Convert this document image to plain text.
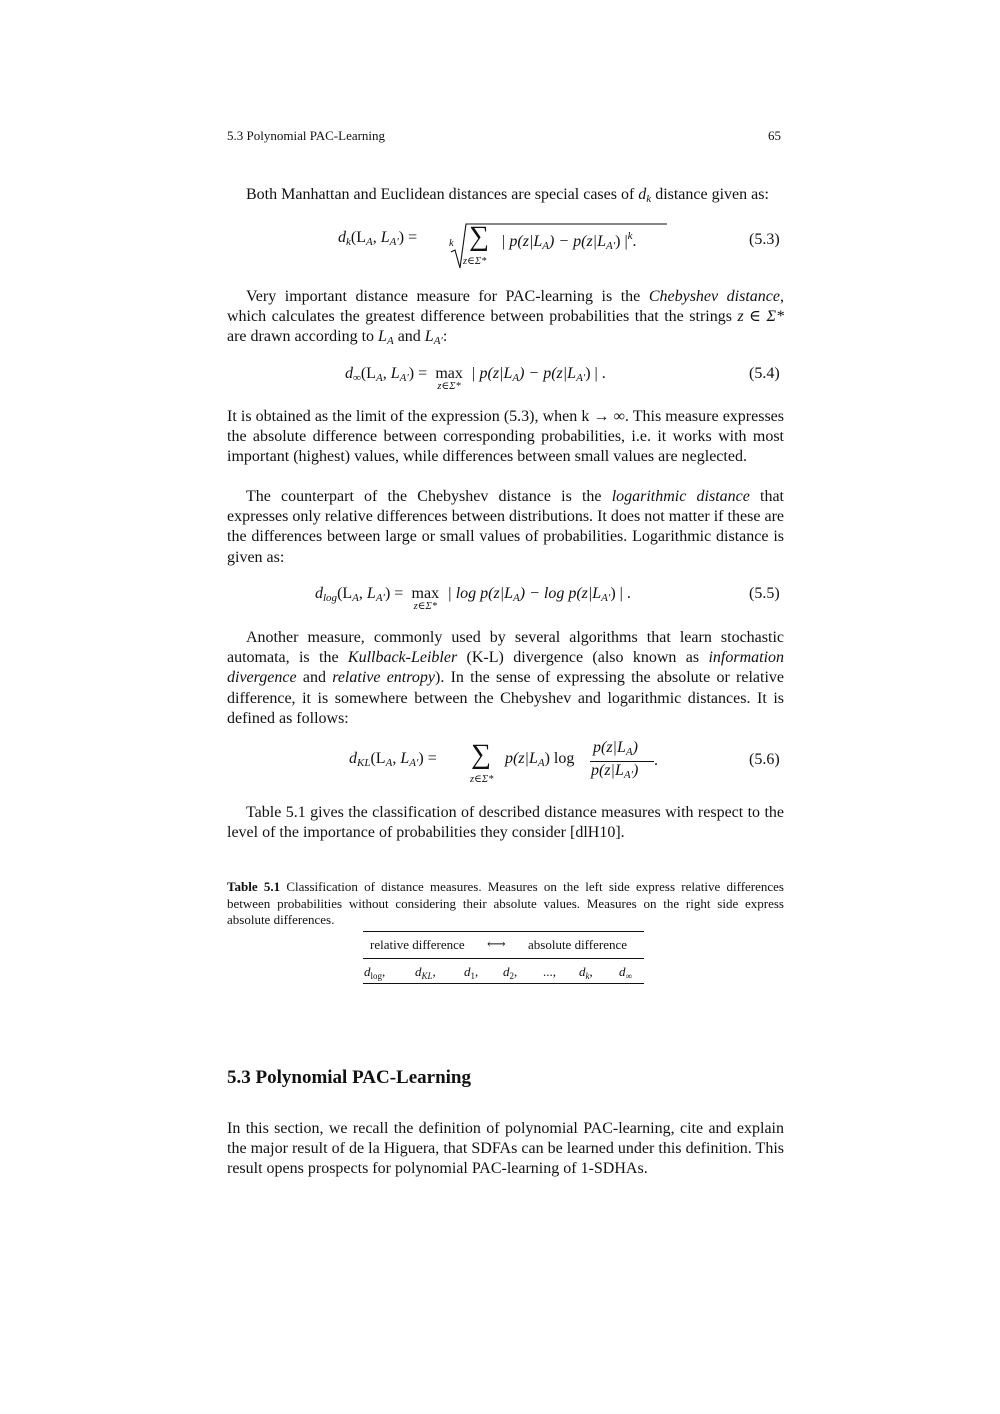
5.3 Polynomial PAC-Learning	65

Both Manhattan and Euclidean distances are special cases of $d_k$ distance given as:

$d_k(L_A$, $L_{A'}$) =	k ∑
z∈Σ*
| $p(z|L_A) - p(z|L_{A'})$ $|^k$.	(5.3)

Very important distance measure for PAC-learning is the Chebyshev distance, which calculates the greatest difference between probabilities that the strings z ∈ Σ* are drawn according to $L_A$ and $L_{A'}$:

$d_\infty(L_A$, $L_{A'}) = \max$
z∈Σ*
| $p(z|L_A) - p(z|L_{A'})$ | .	(5.4)

It is obtained as the limit of the expression (5.3), when k → ∞. This measure expresses the absolute difference between corresponding probabilities, i.e. it works with most important (highest) values, while differences between small values are neglected.

The counterpart of the Chebyshev distance is the logarithmic distance that expresses only relative differences between distributions. It does not matter if these are the differences between large or small values of probabilities. Logarithmic distance is given as:

$d_{log}(L_A$, $L_{A'}) = \max$
z∈Σ*
| $\log p(z|L_A) - \log p(z|L_{A'})$ | .	(5.5)

Another measure, commonly used by several algorithms that learn stochastic automata, is the Kullback-Leibler (K-L) divergence (also known as information divergence and relative entropy). In the sense of expressing the absolute or relative difference, it is somewhere between the Chebyshev and logarithmic distances. It is defined as follows:

$d_{KL}(L_A$, $L_{A'}$) = ∑
z∈Σ*
$p(z|L_A)$ log
$p(z|L_A)$
$p(z|L_{A'})$
.	(5.6)

Table 5.1 gives the classification of described distance measures with respect to the level of the importance of probabilities they consider [dlH10].

Table 5.1 Classification of distance measures. Measures on the left side express relative differences between probabilities without considering their absolute values. Measures on the right side express absolute differences.

relative difference ⟷ absolute difference
$d_{log}$, $d_{KL}$, $d_1$, $d_2$, ..., $d_k$, $d_\infty$
5.3 Polynomial PAC-Learning

In this section, we recall the definition of polynomial PAC-learning, cite and explain the major result of de la Higuera, that SDFAs can be learned under this definition. This result opens prospects for polynomial PAC-learning of 1-SDHAs.
